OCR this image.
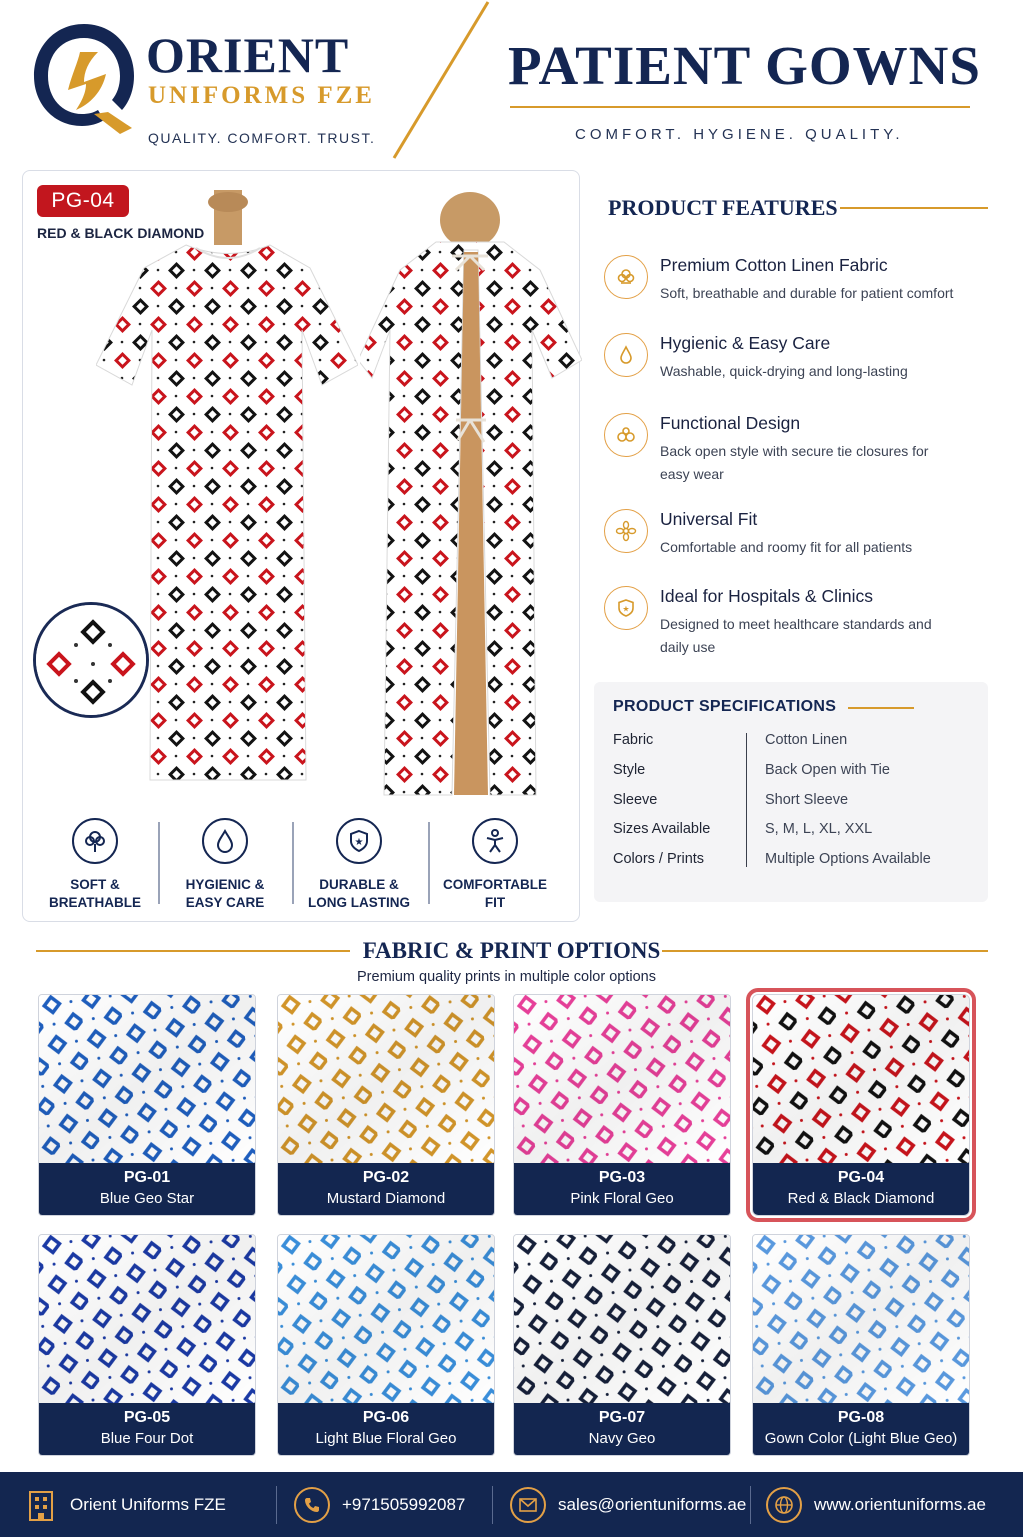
ORIENT
UNIFORMS FZE
QUALITY. COMFORT. TRUST.
PATIENT GOWNS
COMFORT. HYGIENE. QUALITY.
PG-04
RED & BLACK DIAMOND
SOFT &
BREATHABLE
HYGIENIC &
EASY CARE
★
DURABLE &
LONG LASTING
COMFORTABLE
FIT
PRODUCT FEATURES
Premium Cotton Linen Fabric
Soft, breathable and durable for patient comfort
Hygienic & Easy Care
Washable, quick-drying and long-lasting
Functional Design
Back open style with secure tie closures for easy wear
Universal Fit
Comfortable and roomy fit for all patients
★
Ideal for Hospitals & Clinics
Designed to meet healthcare standards and daily use
PRODUCT SPECIFICATIONS
Fabric	Cotton Linen
Style	Back Open with Tie
Sleeve	Short Sleeve
Sizes Available	S, M, L, XL, XXL
Colors / Prints	Multiple Options Available
FABRIC & PRINT OPTIONS
Premium quality prints in multiple color options
PG-01
Blue Geo Star
PG-02
Mustard Diamond
PG-03
Pink Floral Geo
PG-04
Red & Black Diamond
PG-05
Blue Four Dot
PG-06
Light Blue Floral Geo
PG-07
Navy Geo
PG-08
Gown Color (Light Blue Geo)
Orient Uniforms FZE	+971505992087	sales@orientuniforms.ae	www.orientuniforms.ae
